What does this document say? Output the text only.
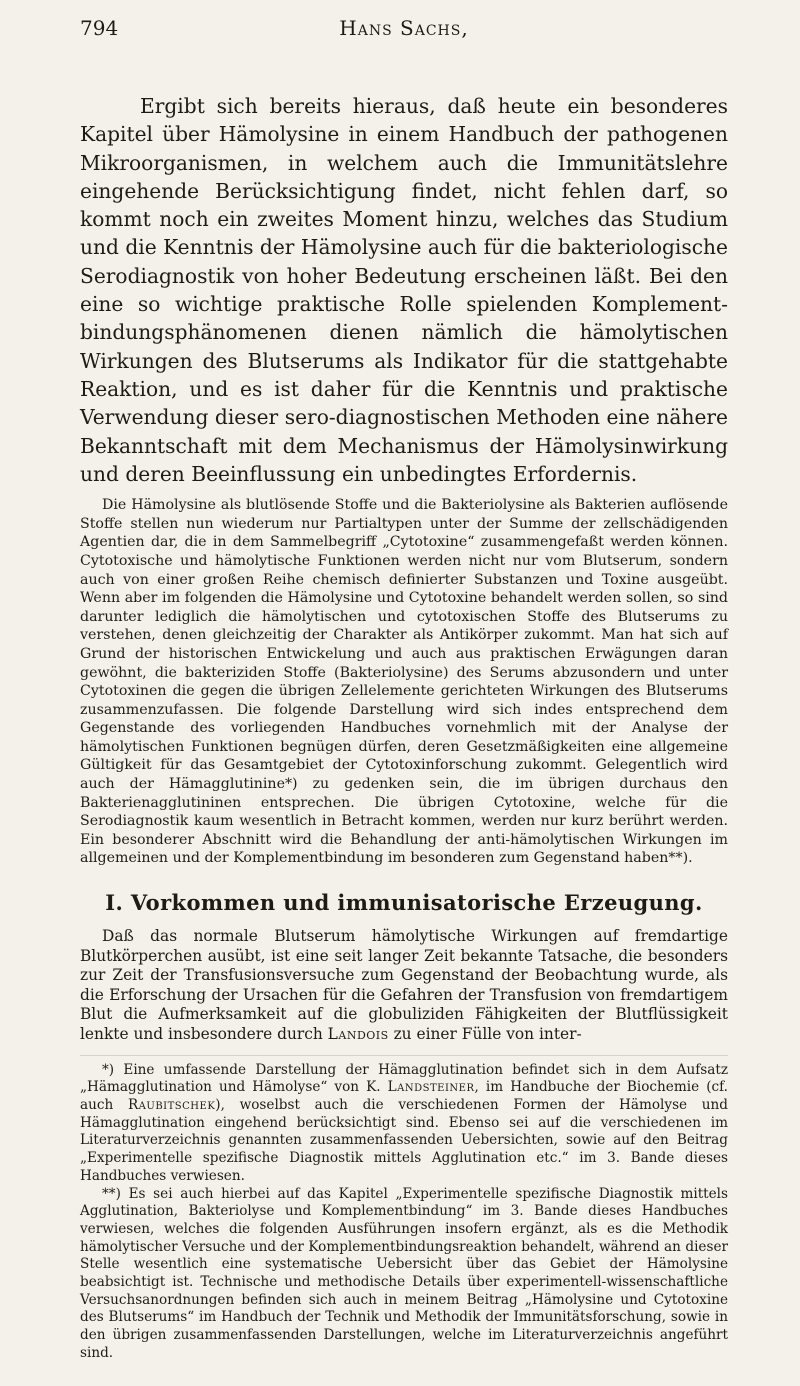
794	Hans Sachs,

Ergibt sich bereits hieraus, daß heute ein besonderes Kapitel über Hämolysine in einem Handbuch der pathogenen Mikroorganismen, in welchem auch die Immunitätslehre eingehende Berücksichtigung findet, nicht fehlen darf, so kommt noch ein zweites Moment hinzu, welches das Studium und die Kenntnis der Hämolysine auch für die bakteriologische Serodiagnostik von hoher Bedeutung erscheinen läßt. Bei den eine so wichtige praktische Rolle spielenden Komplement-bindungsphänomenen dienen nämlich die hämolytischen Wirkungen des Blutserums als Indikator für die stattgehabte Reaktion, und es ist daher für die Kenntnis und praktische Verwendung dieser sero-diagnostischen Methoden eine nähere Bekanntschaft mit dem Mechanismus der Hämolysinwirkung und deren Beeinflussung ein unbedingtes Erfordernis.

Die Hämolysine als blutlösende Stoffe und die Bakteriolysine als Bakterien auflösende Stoffe stellen nun wiederum nur Partialtypen unter der Summe der zellschädigenden Agentien dar, die in dem Sammelbegriff „Cytotoxine“ zusammengefaßt werden können. Cytotoxische und hämolytische Funktionen werden nicht nur vom Blutserum, sondern auch von einer großen Reihe chemisch definierter Substanzen und Toxine ausgeübt. Wenn aber im folgenden die Hämolysine und Cytotoxine behandelt werden sollen, so sind darunter lediglich die hämolytischen und cytotoxischen Stoffe des Blutserums zu verstehen, denen gleichzeitig der Charakter als Antikörper zukommt. Man hat sich auf Grund der historischen Entwickelung und auch aus praktischen Erwägungen daran gewöhnt, die bakteriziden Stoffe (Bakteriolysine) des Serums abzusondern und unter Cytotoxinen die gegen die übrigen Zellelemente gerichteten Wirkungen des Blutserums zusammenzufassen. Die folgende Darstellung wird sich indes entsprechend dem Gegenstande des vorliegenden Handbuches vornehmlich mit der Analyse der hämolytischen Funktionen begnügen dürfen, deren Gesetzmäßigkeiten eine allgemeine Gültigkeit für das Gesamtgebiet der Cytotoxinforschung zukommt. Gelegentlich wird auch der Hämagglutinine*) zu gedenken sein, die im übrigen durchaus den Bakterienagglutininen entsprechen. Die übrigen Cytotoxine, welche für die Serodiagnostik kaum wesentlich in Betracht kommen, werden nur kurz berührt werden. Ein besonderer Abschnitt wird die Behandlung der anti-hämolytischen Wirkungen im allgemeinen und der Komplementbindung im besonderen zum Gegenstand haben**).

I. Vorkommen und immunisatorische Erzeugung.

Daß das normale Blutserum hämolytische Wirkungen auf fremdartige Blutkörperchen ausübt, ist eine seit langer Zeit bekannte Tatsache, die besonders zur Zeit der Transfusionsversuche zum Gegenstand der Beobachtung wurde, als die Erforschung der Ursachen für die Gefahren der Transfusion von fremdartigem Blut die Aufmerksamkeit auf die globuliziden Fähigkeiten der Blutflüssigkeit lenkte und insbesondere durch Landois zu einer Fülle von inter-

*) Eine umfassende Darstellung der Hämagglutination befindet sich in dem Aufsatz „Hämagglutination und Hämolyse“ von K. Landsteiner, im Handbuche der Biochemie (cf. auch Raubitschek), woselbst auch die verschiedenen Formen der Hämolyse und Hämagglutination eingehend berücksichtigt sind. Ebenso sei auf die verschiedenen im Literaturverzeichnis genannten zusammenfassenden Uebersichten, sowie auf den Beitrag „Experimentelle spezifische Diagnostik mittels Agglutination etc.“ im 3. Bande dieses Handbuches verwiesen.

**) Es sei auch hierbei auf das Kapitel „Experimentelle spezifische Diagnostik mittels Agglutination, Bakteriolyse und Komplementbindung“ im 3. Bande dieses Handbuches verwiesen, welches die folgenden Ausführungen insofern ergänzt, als es die Methodik hämolytischer Versuche und der Komplementbindungsreaktion behandelt, während an dieser Stelle wesentlich eine systematische Uebersicht über das Gebiet der Hämolysine beabsichtigt ist. Technische und methodische Details über experimentell-wissenschaftliche Versuchsanordnungen befinden sich auch in meinem Beitrag „Hämolysine und Cytotoxine des Blutserums“ im Handbuch der Technik und Methodik der Immunitätsforschung, sowie in den übrigen zusammenfassenden Darstellungen, welche im Literaturverzeichnis angeführt sind.
